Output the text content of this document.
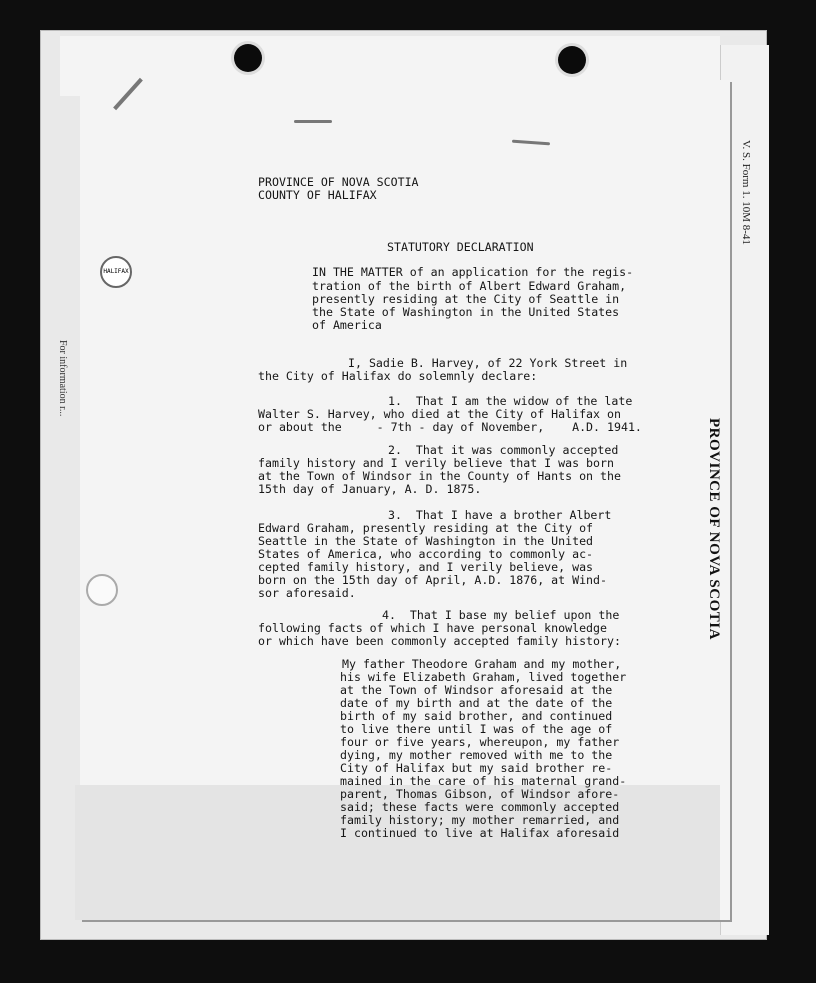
HALIFAX
V. S. Form 1. 10M 8-41
PROVINCE OF NOVA SCOTIA
For information r...
PROVINCE OF NOVA SCOTIA
COUNTY OF HALIFAX
STATUTORY DECLARATION
IN THE MATTER of an application for the regis-
tration of the birth of Albert Edward Graham,
presently residing at the City of Seattle in
the State of Washington in the United States
of America
I, Sadie B. Harvey, of 22 York Street in
the City of Halifax do solemnly declare:
1.  That I am the widow of the late
Walter S. Harvey, who died at the City of Halifax on
or about the     - 7th - day of November,    A.D. 1941.
2.  That it was commonly accepted
family history and I verily believe that I was born
at the Town of Windsor in the County of Hants on the
15th day of January, A. D. 1875.
3.  That I have a brother Albert
Edward Graham, presently residing at the City of
Seattle in the State of Washington in the United
States of America, who according to commonly ac-
cepted family history, and I verily believe, was
born on the 15th day of April, A.D. 1876, at Wind-
sor aforesaid.
4.  That I base my belief upon the
following facts of which I have personal knowledge
or which have been commonly accepted family history:
My father Theodore Graham and my mother,
his wife Elizabeth Graham, lived together
at the Town of Windsor aforesaid at the
date of my birth and at the date of the
birth of my said brother, and continued
to live there until I was of the age of
four or five years, whereupon, my father
dying, my mother removed with me to the
City of Halifax but my said brother re-
mained in the care of his maternal grand-
parent, Thomas Gibson, of Windsor afore-
said; these facts were commonly accepted
family history; my mother remarried, and
I continued to live at Halifax aforesaid
